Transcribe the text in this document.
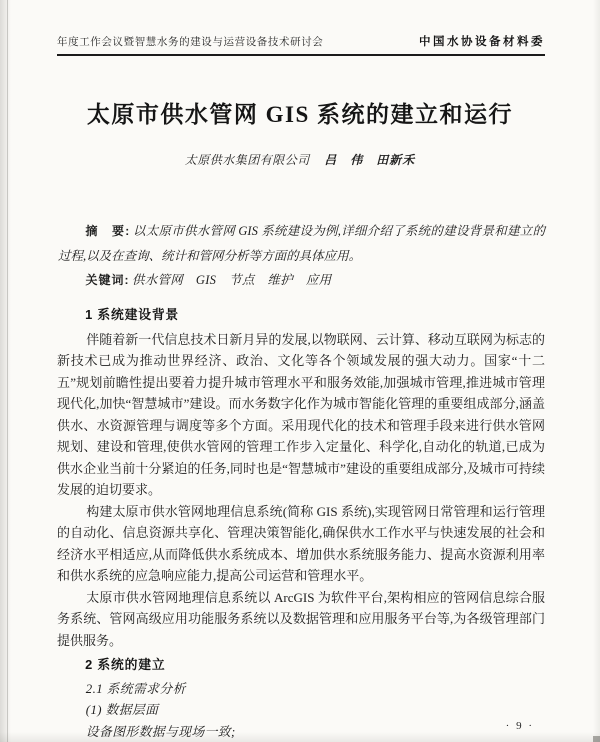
年度工作会议暨智慧水务的建设与运营设备技术研讨会	中国水协设备材料委
太原市供水管网 GIS 系统的建立和运行
太原供水集团有限公司 吕　伟　田新禾

摘　要: 以太原市供水管网 GIS 系统建设为例,详细介绍了系统的建设背景和建立的过程,以及在查询、统计和管网分析等方面的具体应用。

关键词: 供水管网　GIS　节点　维护　应用

1 系统建设背景

伴随着新一代信息技术日新月异的发展,以物联网、云计算、移动互联网为标志的新技术已成为推动世界经济、政治、文化等各个领域发展的强大动力。国家“十二五”规划前瞻性提出要着力提升城市管理水平和服务效能,加强城市管理,推进城市管理现代化,加快“智慧城市”建设。而水务数字化作为城市智能化管理的重要组成部分,涵盖供水、水资源管理与调度等多个方面。采用现代化的技术和管理手段来进行供水管网规划、建设和管理,使供水管网的管理工作步入定量化、科学化,自动化的轨道,已成为供水企业当前十分紧迫的任务,同时也是“智慧城市”建设的重要组成部分,及城市可持续发展的迫切要求。

构建太原市供水管网地理信息系统(简称 GIS 系统),实现管网日常管理和运行管理的自动化、信息资源共享化、管理决策智能化,确保供水工作水平与快速发展的社会和经济水平相适应,从而降低供水系统成本、增加供水系统服务能力、提高水资源利用率和供水系统的应急响应能力,提高公司运营和管理水平。

太原市供水管网地理信息系统以 ArcGIS 为软件平台,架构相应的管网信息综合服务系统、管网高级应用功能服务系统以及数据管理和应用服务平台等,为各级管理部门提供服务。

2 系统的建立
2.1 系统需求分析
(1) 数据层面
设备图形数据与现场一致;	· 9 ·
